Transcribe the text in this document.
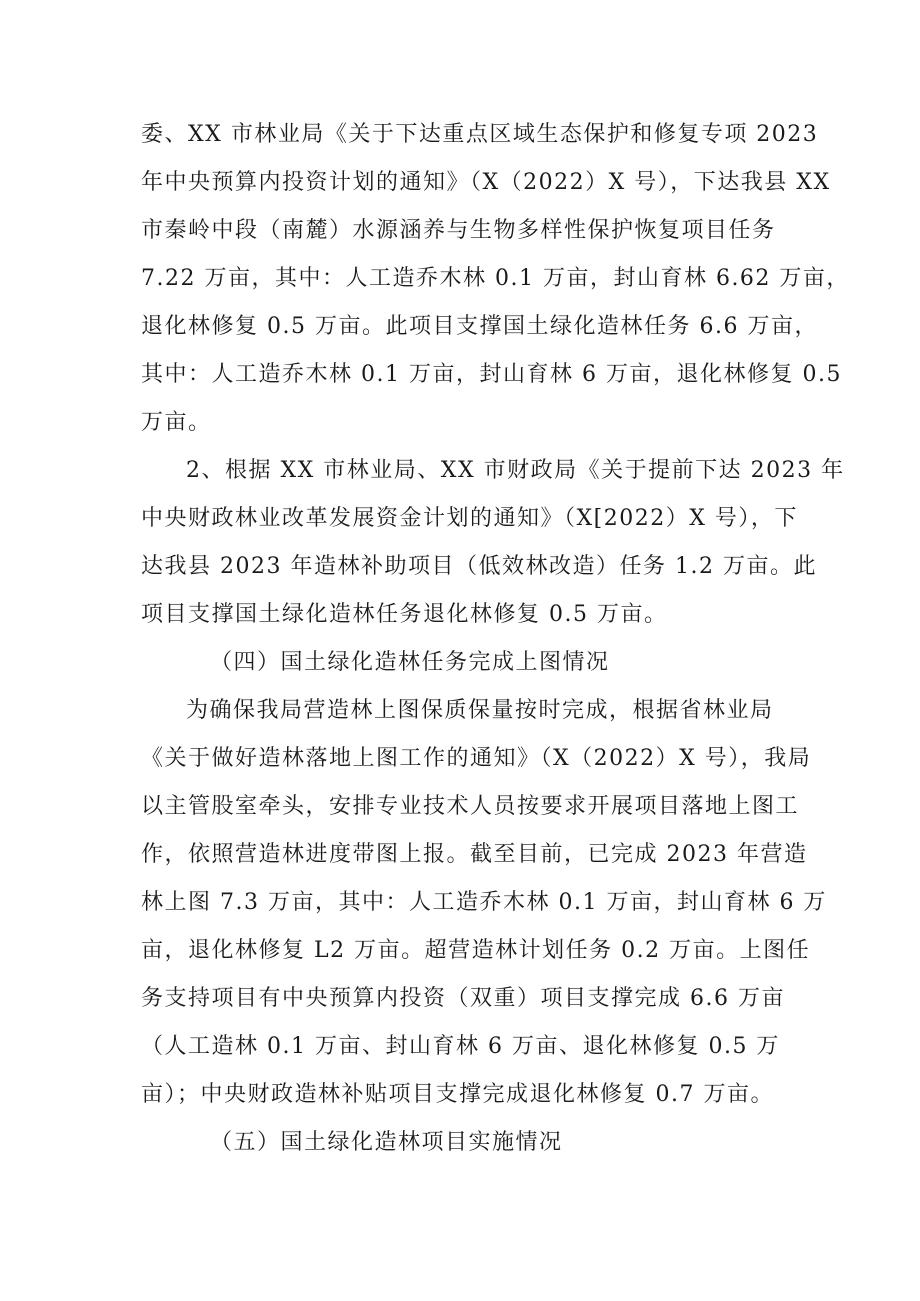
委、XX 市林业局《关于下达重点区域生态保护和修复专项 2023
年中央预算内投资计划的通知》（X（2022）X 号），下达我县 XX
市秦岭中段（南麓）水源涵养与生物多样性保护恢复项目任务
7.22 万亩，其中：人工造乔木林 0.1 万亩，封山育林 6.62 万亩，
退化林修复 0.5 万亩。此项目支撑国土绿化造林任务 6.6 万亩，
其中：人工造乔木林 0.1 万亩，封山育林 6 万亩，退化林修复 0.5
万亩。
2、根据 XX 市林业局、XX 市财政局《关于提前下达 2023 年
中央财政林业改革发展资金计划的通知》（X[2022）X 号），下
达我县 2023 年造林补助项目（低效林改造）任务 1.2 万亩。此
项目支撑国土绿化造林任务退化林修复 0.5 万亩。
（四）国土绿化造林任务完成上图情况
为确保我局营造林上图保质保量按时完成，根据省林业局
《关于做好造林落地上图工作的通知》（X（2022）X 号），我局
以主管股室牵头，安排专业技术人员按要求开展项目落地上图工
作，依照营造林进度带图上报。截至目前，已完成 2023 年营造
林上图 7.3 万亩，其中：人工造乔木林 0.1 万亩，封山育林 6 万
亩，退化林修复 L2 万亩。超营造林计划任务 0.2 万亩。上图任
务支持项目有中央预算内投资（双重）项目支撑完成 6.6 万亩
（人工造林 0.1 万亩、封山育林 6 万亩、退化林修复 0.5 万
亩）；中央财政造林补贴项目支撑完成退化林修复 0.7 万亩。
（五）国土绿化造林项目实施情况
